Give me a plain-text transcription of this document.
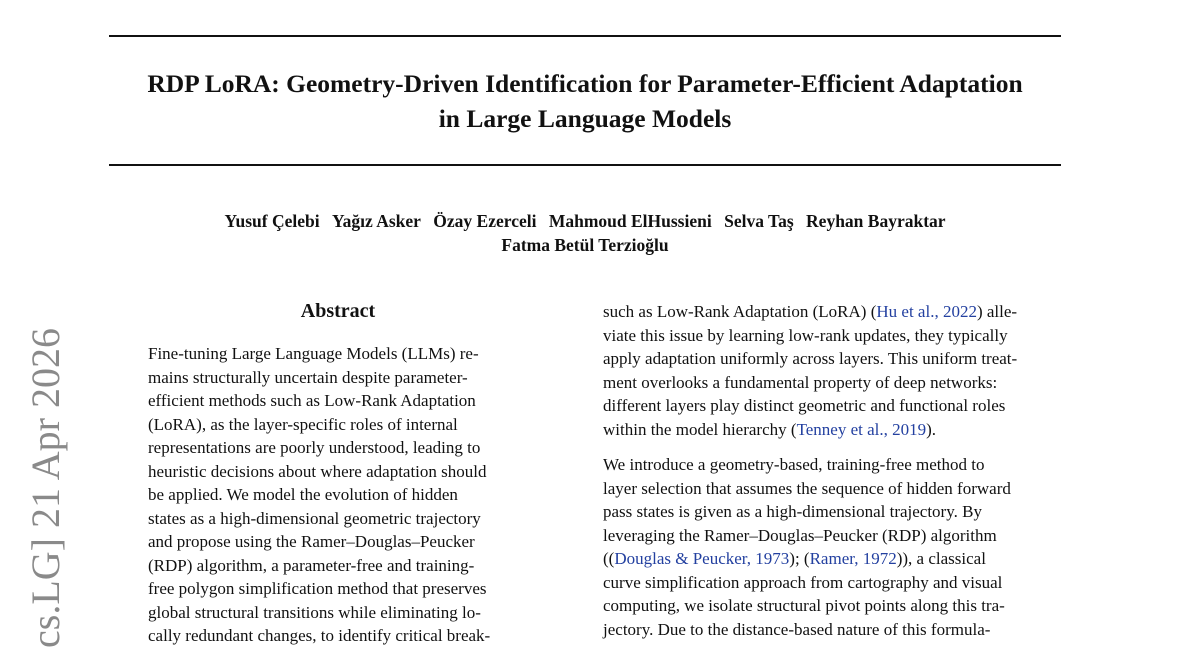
RDP LoRA: Geometry-Driven Identification for Parameter-Efficient Adaptation
in Large Language Models
Yusuf Çelebi Yağız Asker Özay Ezerceli Mahmoud ElHussieni Selva Taş Reyhan Bayraktar
Fatma Betül Terzioğlu
cs.LG] 21 Apr 2026
Abstract
Fine-tuning Large Language Models (LLMs) re-
mains structurally uncertain despite parameter-
efficient methods such as Low-Rank Adaptation
(LoRA), as the layer-specific roles of internal
representations are poorly understood, leading to
heuristic decisions about where adaptation should
be applied. We model the evolution of hidden
states as a high-dimensional geometric trajectory
and propose using the Ramer–Douglas–Peucker
(RDP) algorithm, a parameter-free and training-
free polygon simplification method that preserves
global structural transitions while eliminating lo-
cally redundant changes, to identify critical break-
such as Low-Rank Adaptation (LoRA) (Hu et al., 2022) alle-
viate this issue by learning low-rank updates, they typically
apply adaptation uniformly across layers. This uniform treat-
ment overlooks a fundamental property of deep networks:
different layers play distinct geometric and functional roles
within the model hierarchy (Tenney et al., 2019).
We introduce a geometry-based, training-free method to
layer selection that assumes the sequence of hidden forward
pass states is given as a high-dimensional trajectory. By
leveraging the Ramer–Douglas–Peucker (RDP) algorithm
((Douglas & Peucker, 1973); (Ramer, 1972)), a classical
curve simplification approach from cartography and visual
computing, we isolate structural pivot points along this tra-
jectory. Due to the distance-based nature of this formula-
